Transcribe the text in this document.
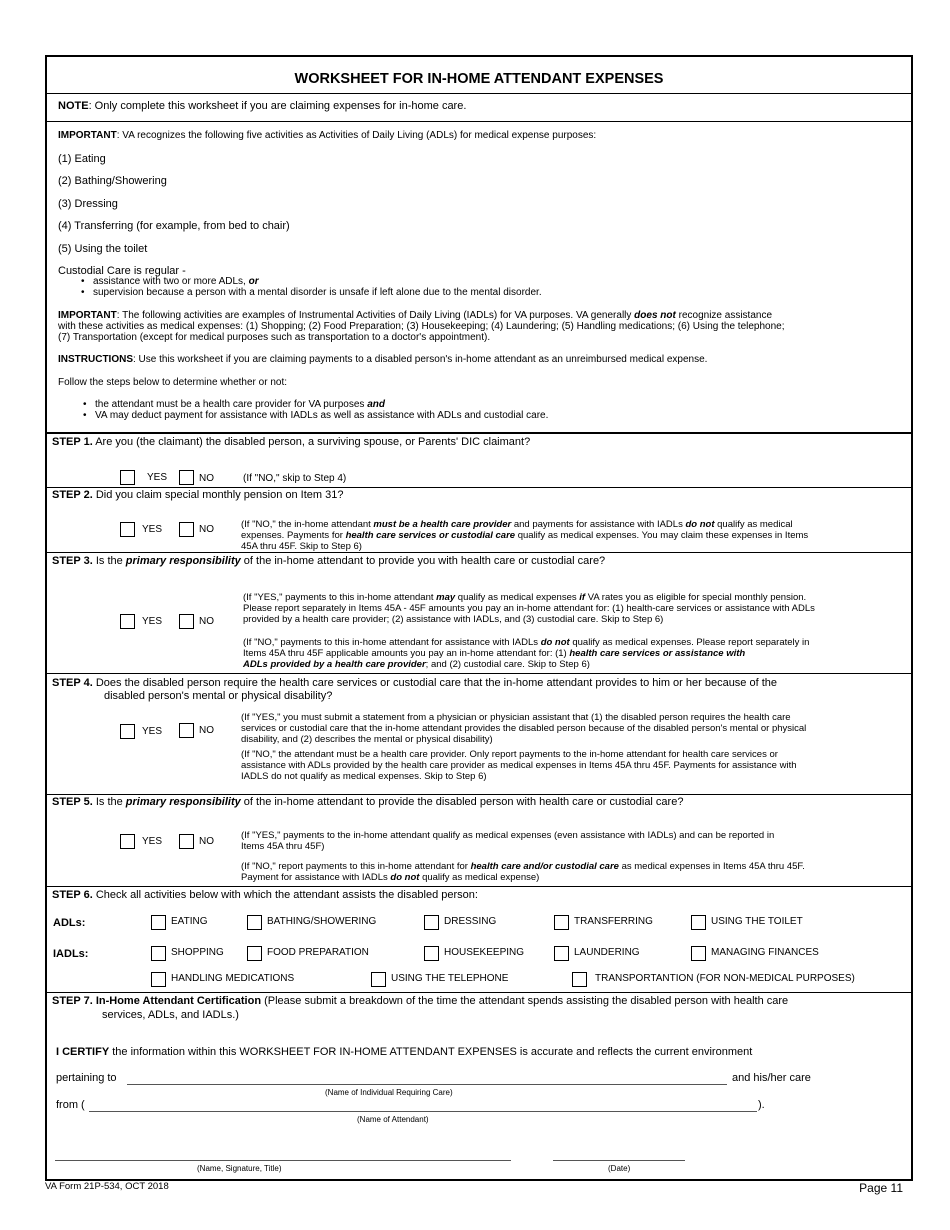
WORKSHEET FOR IN-HOME ATTENDANT EXPENSES
NOTE: Only complete this worksheet if you are claiming expenses for in-home care.
IMPORTANT: VA recognizes the following five activities as Activities of Daily Living (ADLs) for medical expense purposes:
(1) Eating
(2) Bathing/Showering
(3) Dressing
(4) Transferring (for example, from bed to chair)
(5) Using the toilet
Custodial Care is regular -
• assistance with two or more ADLs, or
• supervision because a person with a mental disorder is unsafe if left alone due to the mental disorder.
IMPORTANT: The following activities are examples of Instrumental Activities of Daily Living (IADLs) for VA purposes. VA generally does not recognize assistance
with these activities as medical expenses: (1) Shopping; (2) Food Preparation; (3) Housekeeping; (4) Laundering; (5) Handling medications; (6) Using the telephone;
(7) Transportation (except for medical purposes such as transportation to a doctor's appointment).
INSTRUCTIONS: Use this worksheet if you are claiming payments to a disabled person's in-home attendant as an unreimbursed medical expense.
Follow the steps below to determine whether or not:
• the attendant must be a health care provider for VA purposes and
• VA may deduct payment for assistance with IADLs as well as assistance with ADLs and custodial care.
STEP 1. Are you (the claimant) the disabled person, a surviving spouse, or Parents' DIC claimant?
YES	NO	(If "NO," skip to Step 4)
STEP 2. Did you claim special monthly pension on Item 31?
YES	NO	(If "NO," the in-home attendant must be a health care provider and payments for assistance with IADLs do not qualify as medical
expenses. Payments for health care services or custodial care qualify as medical expenses. You may claim these expenses in Items
45A thru 45F. Skip to Step 6)
STEP 3. Is the primary responsibility of the in-home attendant to provide you with health care or custodial care?
(If "YES," payments to this in-home attendant may qualify as medical expenses if VA rates you as eligible for special monthly pension.
Please report separately in Items 45A - 45F amounts you pay an in-home attendant for: (1) health-care services or assistance with ADLs
provided by a health care provider; (2) assistance with IADLs, and (3) custodial care. Skip to Step 6)
YES	NO
(If "NO," payments to this in-home attendant for assistance with IADLs do not qualify as medical expenses. Please report separately in
Items 45A thru 45F applicable amounts you pay an in-home attendant for: (1) health care services or assistance with
ADLs provided by a health care provider; and (2) custodial care. Skip to Step 6)
STEP 4. Does the disabled person require the health care services or custodial care that the in-home attendant provides to him or her because of the
disabled person's mental or physical disability?
YES	NO
(If "YES," you must submit a statement from a physician or physician assistant that (1) the disabled person requires the health care
services or custodial care that the in-home attendant provides the disabled person because of the disabled person's mental or physical
disability, and (2) describes the mental or physical disability)
(If "NO," the attendant must be a health care provider. Only report payments to the in-home attendant for health care services or
assistance with ADLs provided by the health care provider as medical expenses in Items 45A thru 45F. Payments for assistance with
IADLS do not qualify as medical expenses. Skip to Step 6)
STEP 5. Is the primary responsibility of the in-home attendant to provide the disabled person with health care or custodial care?
YES	NO
(If "YES," payments to the in-home attendant qualify as medical expenses (even assistance with IADLs) and can be reported in
Items 45A thru 45F)
(If "NO," report payments to this in-home attendant for health care and/or custodial care as medical expenses in Items 45A thru 45F.
Payment for assistance with IADLs do not qualify as medical expense)
STEP 6. Check all activities below with which the attendant assists the disabled person:
ADLs:
IADLs:
EATING	BATHING/SHOWERING	DRESSING	TRANSFERRING	USING THE TOILET
SHOPPING	FOOD PREPARATION	HOUSEKEEPING	LAUNDERING	MANAGING FINANCES
HANDLING MEDICATIONS	USING THE TELEPHONE	TRANSPORTANTION (FOR NON-MEDICAL PURPOSES)
STEP 7. In-Home Attendant Certification (Please submit a breakdown of the time the attendant spends assisting the disabled person with health care
services, ADLs, and IADLs.)
I CERTIFY the information within this WORKSHEET FOR IN-HOME ATTENDANT EXPENSES is accurate and reflects the current environment
pertaining to	and his/her care
(Name of Individual Requiring Care)
from (	).
(Name of Attendant)
(Name, Signature, Title)	(Date)
VA Form 21P-534, OCT 2018	Page 11
